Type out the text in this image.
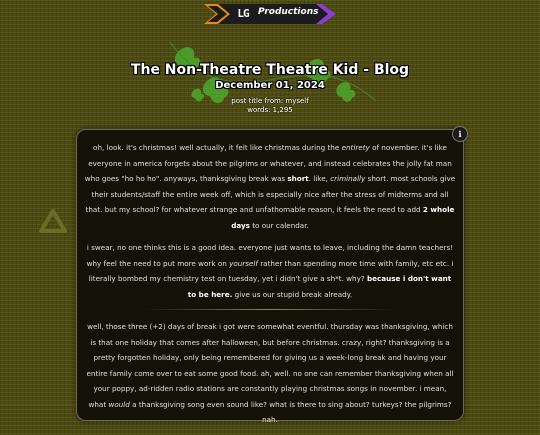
LG Productions
The Non-Theatre Theatre Kid - Blog
December 01, 2024
post title from: myself
words: 1,295
i

oh, look. it's christmas! well actually, it felt like christmas during the entirety of november. it's like everyone in america forgets about the pilgrims or whatever, and instead celebrates the jolly fat man who goes "ho ho ho". anyways, thanksgiving break was short. like, criminally short. most schools give their students/staff the entire week off, which is especially nice after the stress of midterms and all that. but my school? for whatever strange and unfathomable reason, it feels the need to add 2 whole days to our calendar.

i swear, no one thinks this is a good idea. everyone just wants to leave, including the damn teachers! why feel the need to put more work on yourself rather than spending more time with family, etc etc. i literally bombed my chemistry test on tuesday, yet i didn't give a sh*t. why? because i don't want to be here. give us our stupid break already.

well, those three (+2) days of break i got were somewhat eventful. thursday was thanksgiving, which is that one holiday that comes after halloween, but before christmas. crazy, right? thanksgiving is a pretty forgotten holiday, only being remembered for giving us a week-long break and having your entire family come over to eat some good food. ah, well. no one can remember thanksgiving when all your poppy, ad-ridden radio stations are constantly playing christmas songs in november. i mean, what would a thanksgiving song even sound like? what is there to sing about? turkeys? the pilgrims? nah.
